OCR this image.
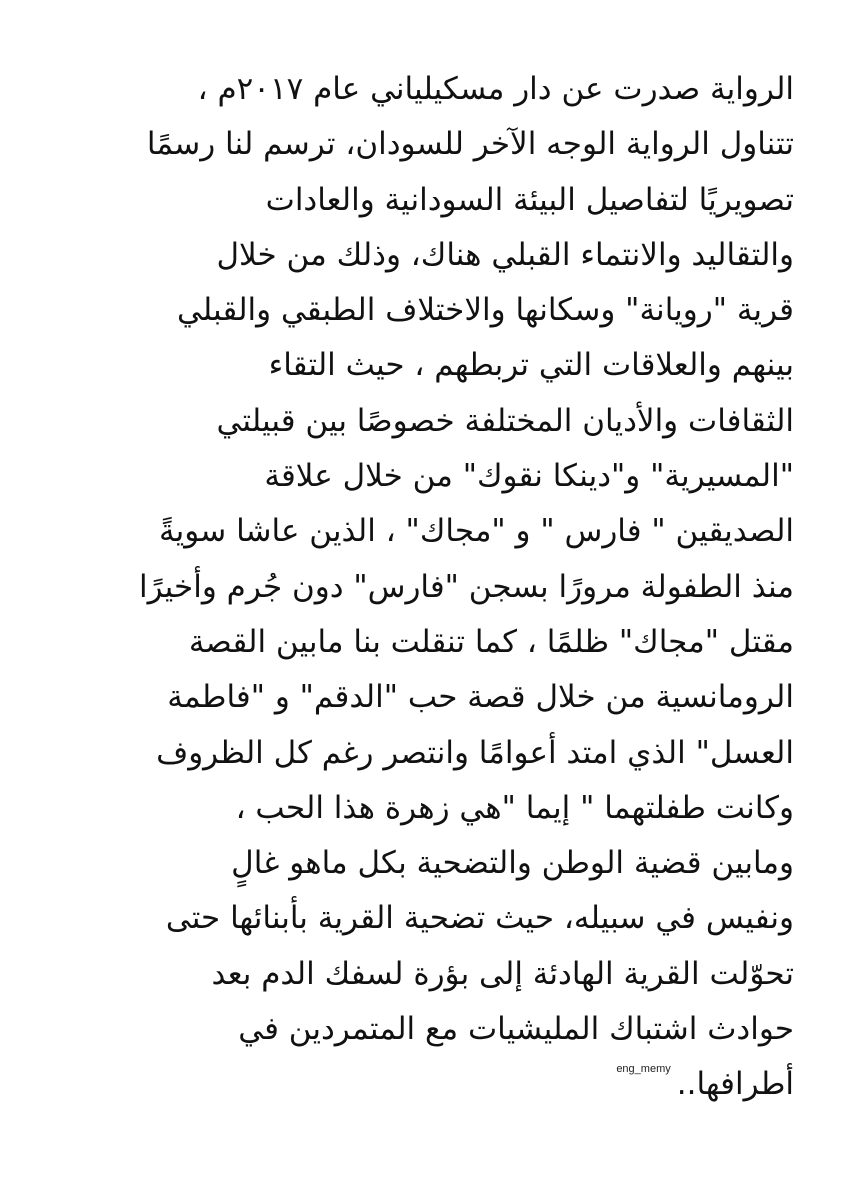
الرواية صدرت عن دار مسكيلياني عام ٢٠١٧م ،
تتناول الرواية الوجه الآخر للسودان، ترسم لنا رسمًا
تصويريًا لتفاصيل البيئة السودانية والعادات
والتقاليد والانتماء القبلي هناك، وذلك من خلال
قرية "رويانة" وسكانها والاختلاف الطبقي والقبلي
بينهم والعلاقات التي تربطهم ، حيث التقاء
الثقافات والأديان المختلفة خصوصًا بين قبيلتي
"المسيرية" و"دينكا نقوك" من خلال علاقة
الصديقين " فارس " و "مجاك" ، الذين عاشا سويةً
منذ الطفولة مرورًا بسجن "فارس" دون جُرم وأخيرًا
مقتل "مجاك" ظلمًا ، كما تنقلت بنا مابين القصة
الرومانسية من خلال قصة حب "الدقم" و "فاطمة
العسل" الذي امتد أعوامًا وانتصر رغم كل الظروف
وكانت طفلتهما " إيما "هي زهرة هذا الحب ،
ومابين قضية الوطن والتضحية بكل ماهو غالٍ
ونفيس في سبيله، حيث تضحية القرية بأبنائها حتى
تحوّلت القرية الهادئة إلى بؤرة لسفك الدم بعد
حوادث اشتباك المليشيات مع المتمردين في
أطرافها..
eng_memy
